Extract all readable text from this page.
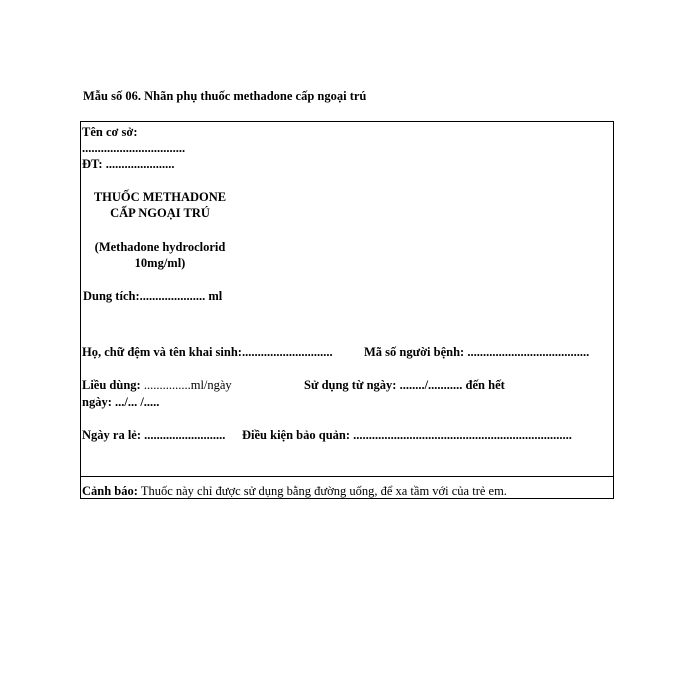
Mẫu số 06. Nhãn phụ thuốc methadone cấp ngoại trú
Tên cơ sở:
.................................
ĐT: ......................
THUỐC METHADONE
CẤP NGOẠI TRÚ
(Methadone hydroclorid
10mg/ml)
Dung tích:..................... ml
Họ, chữ đệm và tên khai sinh:.............................	Mã số người bệnh: .......................................
Liều dùng: ...............ml/ngày	Sử dụng từ ngày: ......../........... đến hết
ngày: .../... /.....
Ngày ra lẻ: .......................... Điều kiện bảo quản: ......................................................................
Cảnh báo: Thuốc này chỉ được sử dụng bằng đường uống, để xa tầm với của trẻ em.
